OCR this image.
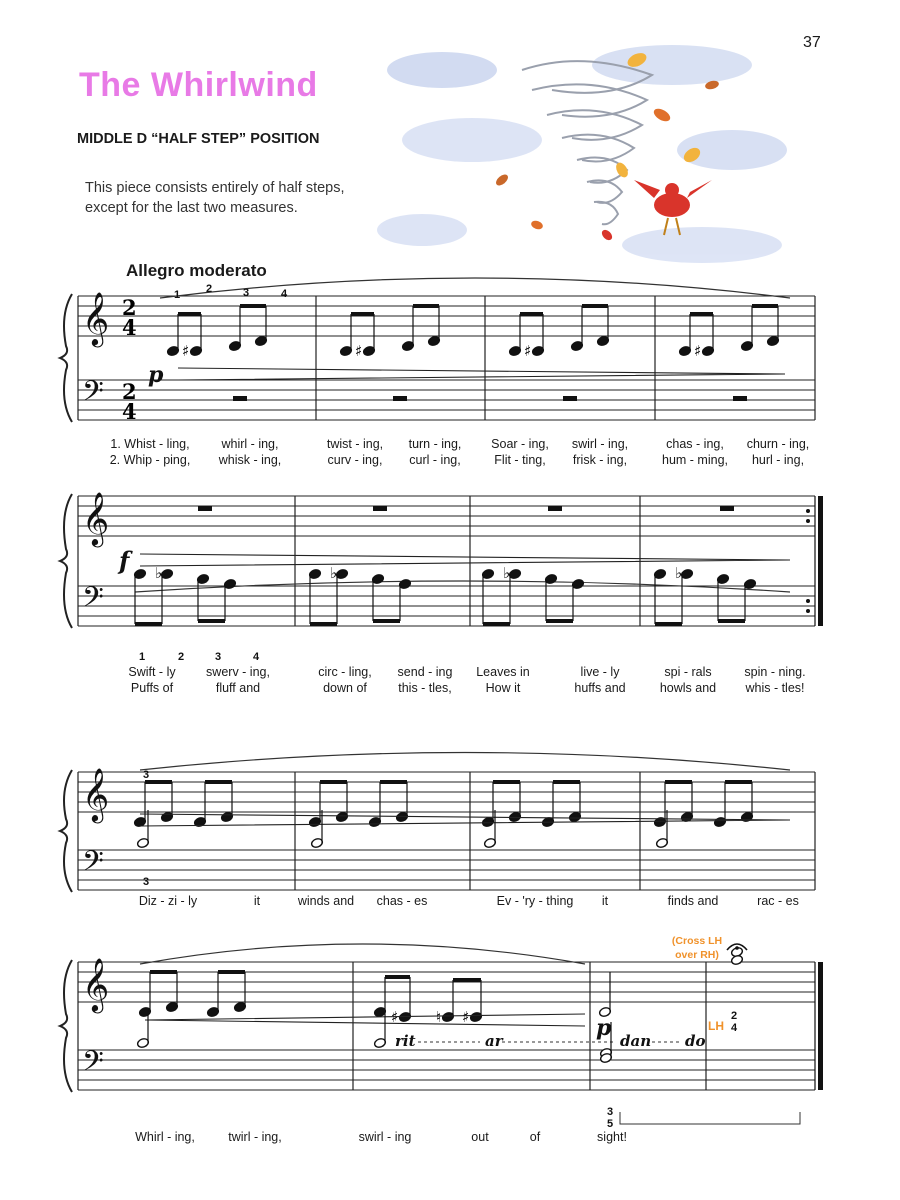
37
The Whirlwind
MIDDLE D “HALF STEP” POSITION
This piece consists entirely of half steps,
except for the last two measures.
Allegro moderato
𝄞
𝄢
2
4
2
4
♯	♯	♯	♯
1 2	3	4
p
1. Whist - ling,	whirl - ing,	twist - ing, turn - ing, Soar - ing, swirl - ing,	chas - ing, churn - ing,
2. Whip - ping, whisk - ing,	curv - ing, curl - ing,	Flit - ting, frisk - ing,	hum - ming, hurl - ing,
𝄞
𝄢
f ♭	♭	♭	♭
1	2	3	4
Swift - ly swerv - ing,	circ - ling, send - ing Leaves in	live - ly	spi - rals	spin - ning.
Puffs of	fluff and	down of	this - tles,	How it	huffs and	howls and whis - tles!
𝄞
𝄢
3
3
Diz - zi - ly	it	winds and chas - es	Ev - 'ry - thing it	finds and	rac - es
𝄞
𝄢
♯	♮ ♯	p
rit	ar	dan do
(Cross LH
over RH)
LH
2
4
3
5
Whirl - ing,	twirl - ing,	swirl - ing	out	of	sight!
